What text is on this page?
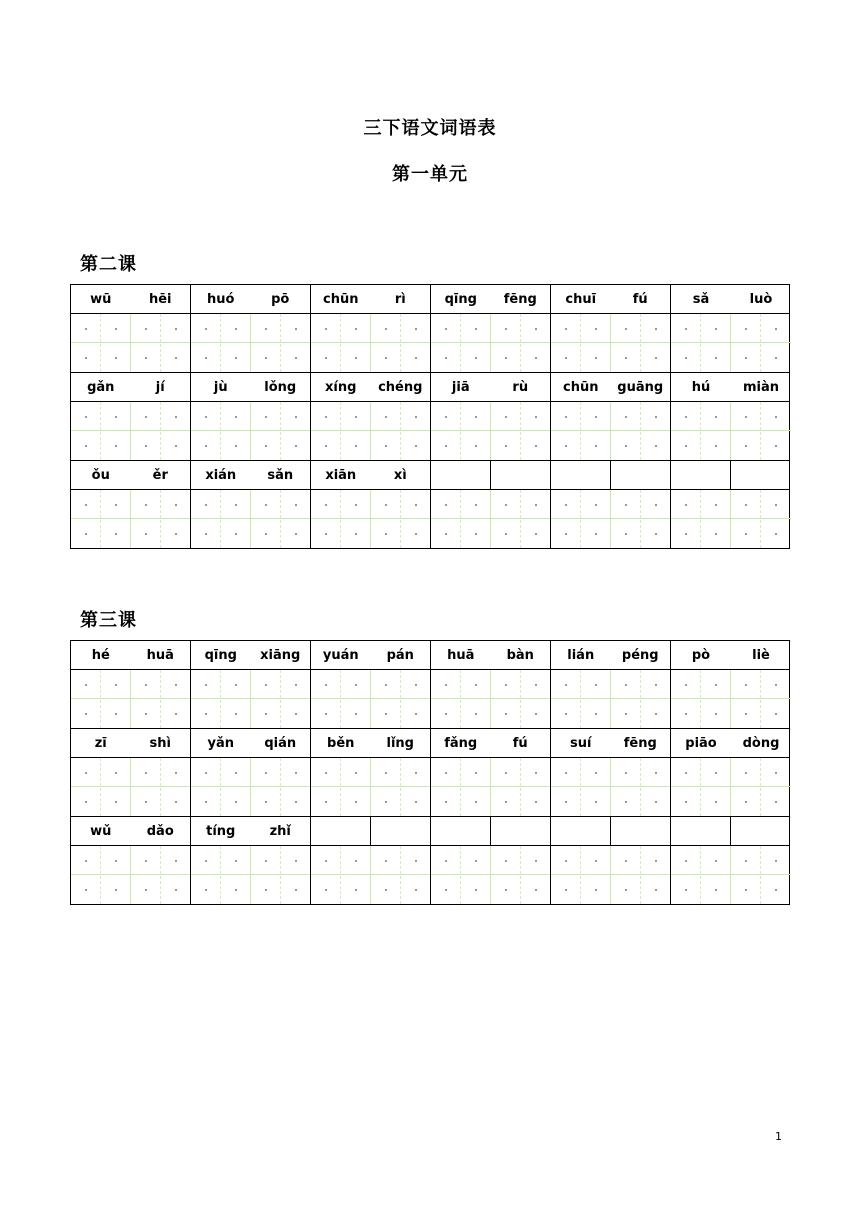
三下语文词语表
第一单元
第二课
wū	hēi	huó	pō	chūn	rì	qīng	fēng	chuī	fú	sǎ	luò
gǎn	jí	jù	lǒng	xíng	chéng	jiā	rù	chūn	guāng	hú	miàn
ǒu	ěr	xián	sǎn	xiān	xì
第三课
hé	huā	qīng	xiāng	yuán	pán	huā	bàn	lián	péng	pò	liè
zī	shì	yǎn	qián	běn	lǐng	fǎng	fú	suí	fēng	piāo	dòng
wǔ	dǎo	tíng	zhǐ
1
